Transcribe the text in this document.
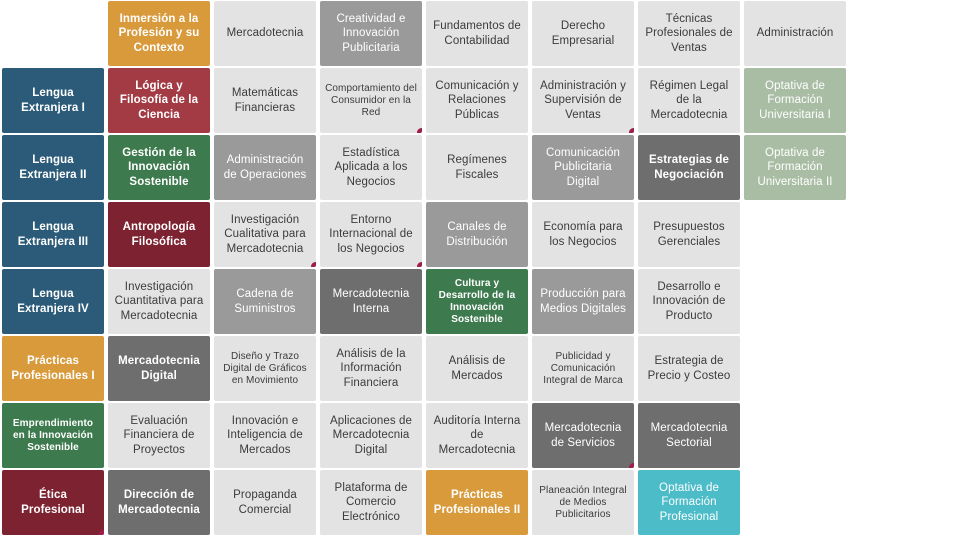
Inmersión a la Profesión y su Contexto
Mercadotecnia
Creatividad e Innovación Publicitaria
Fundamentos de Contabilidad
Derecho Empresarial
Técnicas Profesionales de Ventas
Administración
Lengua Extranjera I
Lógica y Filosofía de la Ciencia
Matemáticas Financieras
Comportamiento del Consumidor en la Red
Comunicación y Relaciones Públicas
Administración y Supervisión de Ventas
Régimen Legal de la Mercadotecnia
Optativa de Formación Universitaria I
Lengua Extranjera II
Gestión de la Innovación Sostenible
Administración de Operaciones
Estadística Aplicada a los Negocios
Regímenes Fiscales
Comunicación Publicitaria Digital
Estrategias de Negociación
Optativa de Formación Universitaria II
Lengua Extranjera III
Antropología Filosófica
Investigación Cualitativa para Mercadotecnia
Entorno Internacional de los Negocios
Canales de Distribución
Economía para los Negocios
Presupuestos Gerenciales
Lengua Extranjera IV
Investigación Cuantitativa para Mercadotecnia
Cadena de Suministros
Mercadotecnia Interna
Cultura y Desarrollo de la Innovación Sostenible
Producción para Medios Digitales
Desarrollo e Innovación de Producto
Prácticas Profesionales I
Mercadotecnia Digital
Diseño y Trazo Digital de Gráficos en Movimiento
Análisis de la Información Financiera
Análisis de Mercados
Publicidad y Comunicación Integral de Marca
Estrategia de Precio y Costeo
Emprendimiento en la Innovación Sostenible
Evaluación Financiera de Proyectos
Innovación e Inteligencia de Mercados
Aplicaciones de Mercadotecnia Digital
Auditoría Interna de Mercadotecnia
Mercadotecnia de Servicios
Mercadotecnia Sectorial
Ética Profesional
Dirección de Mercadotecnia
Propaganda Comercial
Plataforma de Comercio Electrónico
Prácticas Profesionales II
Planeación Integral de Medios Publicitarios
Optativa de Formación Profesional
